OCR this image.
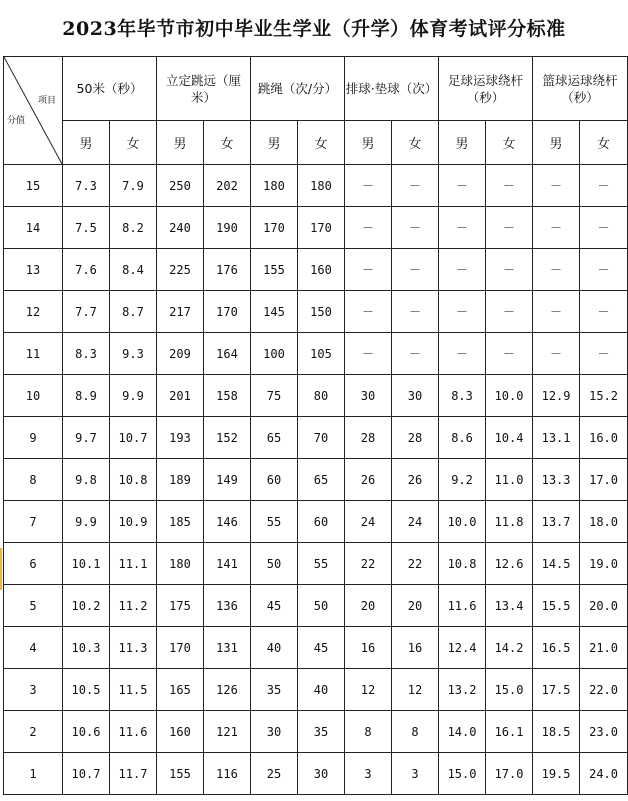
2023年毕节市初中毕业生学业（升学）体育考试评分标准
项目
分值	50米（秒）		立定跳远（厘米）		跳绳（次/分）		排球·垫球（次）		足球运球绕杆（秒）		篮球运球绕杆（秒）	
	男	女	男	女	男	女	男	女	男	女	男	女
15	7.3	7.9	250	202	180	180	－	－	－	－	－	－
14	7.5	8.2	240	190	170	170	－	－	－	－	－	－
13	7.6	8.4	225	176	155	160	－	－	－	－	－	－
12	7.7	8.7	217	170	145	150	－	－	－	－	－	－
11	8.3	9.3	209	164	100	105	－	－	－	－	－	－
10	8.9	9.9	201	158	75	80	30	30	8.3	10.0	12.9	15.2
9	9.7	10.7	193	152	65	70	28	28	8.6	10.4	13.1	16.0
8	9.8	10.8	189	149	60	65	26	26	9.2	11.0	13.3	17.0
7	9.9	10.9	185	146	55	60	24	24	10.0	11.8	13.7	18.0
6	10.1	11.1	180	141	50	55	22	22	10.8	12.6	14.5	19.0
5	10.2	11.2	175	136	45	50	20	20	11.6	13.4	15.5	20.0
4	10.3	11.3	170	131	40	45	16	16	12.4	14.2	16.5	21.0
3	10.5	11.5	165	126	35	40	12	12	13.2	15.0	17.5	22.0
2	10.6	11.6	160	121	30	35	8	8	14.0	16.1	18.5	23.0
1	10.7	11.7	155	116	25	30	3	3	15.0	17.0	19.5	24.0
